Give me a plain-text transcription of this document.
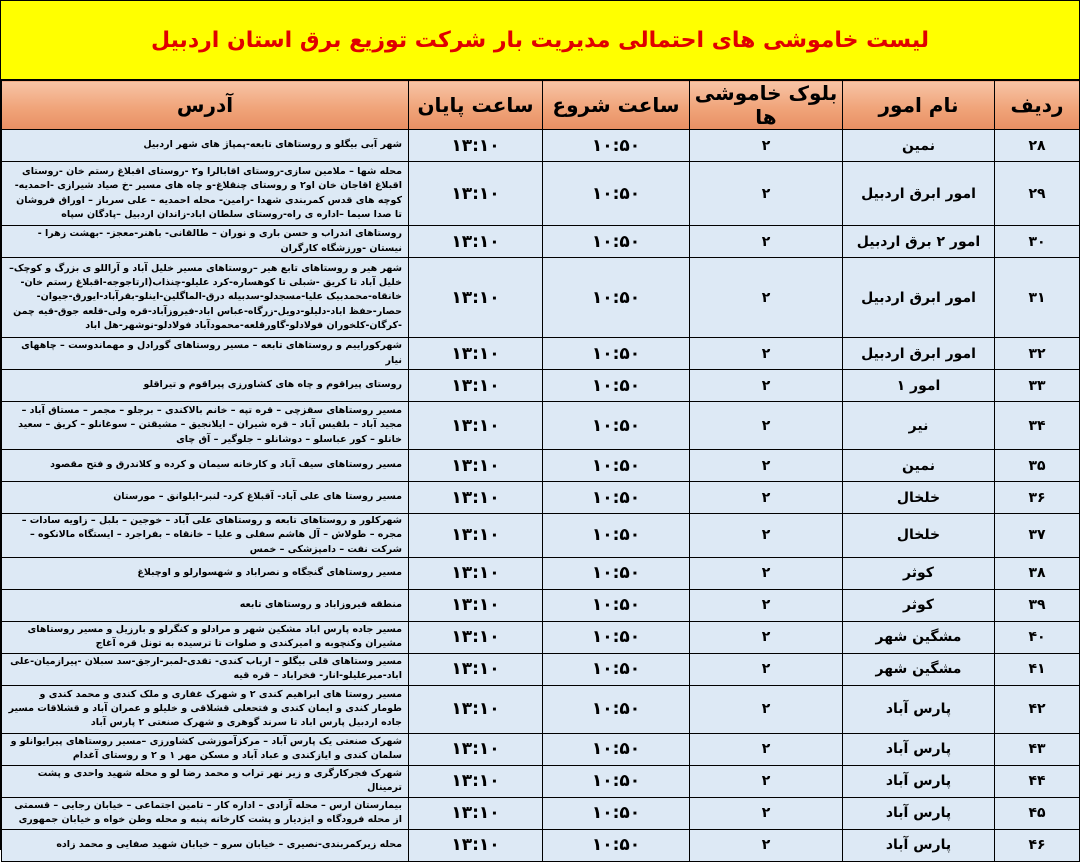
لیست خاموشی های احتمالی مدیریت بار شرکت توزیع برق استان اردبیل
ردیف	نام امور	بلوک خاموشی ها	ساعت شروع	ساعت پایان	آدرس
۲۸	نمین	۲	۱۰:۵۰	۱۳:۱۰	شهر آبی بیگلو و روستاهای تابعه-پمپاژ های شهر اردبیل
۲۹	امور ابرق اردبیل	۲	۱۰:۵۰	۱۳:۱۰	محله شها – ملامین سازی-روستای اقابالرا و۲ -روستای اقبلاغ رستم خان -روستای اقبلاغ اقاجان خان او۲ و روستای چنقلاغ-و چاه های مسیر -خ صیاد شیرازی -احمدیه-کوچه های قدس کمربندی شهدا -رامین- محله احمدیه – علی سرباز – اوراق فروشان تا صدا سیما –اداره ی راه-روستای سلطان اباد-زاندان اردبیل –پادگان سپاه
۳۰	امور ۲ برق اردبیل	۲	۱۰:۵۰	۱۳:۱۰	روستاهای اندراب و حسن باری و نوران – طالقانی- باهنر-معجز- -بهشت زهرا - نیستان -ورزشگاه کارگران
۳۱	امور ابرق اردبیل	۲	۱۰:۵۰	۱۳:۱۰	شهر هیر و روستاهای تابع هیر –روستاهای مسیر خلیل آباد و آراللو ی بزرگ و کوچک–خلیل آباد تا کریق -شبلی تا کوهساره-کرد علیلو-چنذاب(ارتاجوجه-اقبلاغ رستم خان-خانقاه-محمدبیک علیا-مسجدلو-سدبیله درق-الماگلین-اینلو-بقرآباد-ایورق-جیوان-حصار-حفظ اباد-دلیلو-دویل-زرگاه-عباس اباد-فیروزآباد-قره ولی-قلعه جوق-قیه چمن -کرگان-کلخوران فولادلو-گاورقلعه-محمودآباد فولادلو-نوشهر-هل اباد
۳۲	امور ابرق اردبیل	۲	۱۰:۵۰	۱۳:۱۰	شهرکوراییم و روستاهای تابعه – مسیر روستاهای گورادل و مهماندوست – چاههای نیار
۳۳	امور ۱	۲	۱۰:۵۰	۱۳:۱۰	روستای پیراقوم و چاه های کشاورزی پیراقوم و تیراقلو
۳۴	نیر	۲	۱۰:۵۰	۱۳:۱۰	مسیر روستاهای سقزچی – قره تپه – خانم بالاکندی – برجلو – مجمر – مستاق آباد – مجید آباد – بلقیس آباد – قره شیران – ایلانجیق – مشیقتن – سوغانلو – کریق – سعید خانلو – کور عباسلو – دوشانلو – جلوگیر – آق چای
۳۵	نمین	۲	۱۰:۵۰	۱۳:۱۰	مسیر روستاهای سیف آباد و کارخانه سیمان و کرده و کلاندرق و فتح مقصود
۳۶	خلخال	۲	۱۰:۵۰	۱۳:۱۰	مسیر روستا های علی آباد- آقبلاغ کرد- لنبر-ایلوانق – مورستان
۳۷	خلخال	۲	۱۰:۵۰	۱۳:۱۰	شهرکلور و روستاهای تابعه و روستاهای علی آباد – خوجین – بلبل – زاویه سادات – مجره – طولاش – آل هاشم سفلی و علیا – خانقاه – بفراجرد – ایستگاه مالانکوه – شرکت نفت – دامپزشکی – خمس
۳۸	کوثر	۲	۱۰:۵۰	۱۳:۱۰	مسیر روستاهای گنجگاه و نصراباد و شهسوارلو و اوچبلاغ
۳۹	کوثر	۲	۱۰:۵۰	۱۳:۱۰	منطقه فیروزاباد و روستاهای تابعه
۴۰	مشگین شهر	۲	۱۰:۵۰	۱۳:۱۰	مسیر جاده پارس اباد مشکین شهر و مرادلو و کنگرلو و بارزیل و مسیر روستاهای مشیران وکنچوبه و امیرکندی و صلوات تا ترسیده به تونل قره آغاج
۴۱	مشگین شهر	۲	۱۰:۵۰	۱۳:۱۰	مسیر وستاهای قلی بیگلو – ارباب کندی- تقدی-لمبر-ارجق-سد سبلان -پیرازمیان-علی اباد-میرعلیلو-انار- فخراباد – قره قیه
۴۲	پارس آباد	۲	۱۰:۵۰	۱۳:۱۰	مسیر روستا های ابراهیم کندی ۲ و شهرک غفاری و ملک کندی و محمد کندی و طومار کندی و ایمان کندی و فتحعلی قشلاقی و خلیلو و عمران آباد و قشلاقات مسیر جاده اردبیل پارس اباد تا سرند گوهری و شهرک صنعتی ۲ پارس آباد
۴۳	پارس آباد	۲	۱۰:۵۰	۱۳:۱۰	شهرک صنعتی یک پارس آباد – مرکزآموزشی کشاورزی –مسیر روستاهای پیرایوانلو و سلمان کندی و ایازکندی و عباد آباد و مسکن مهر ۱ و ۲ و روستای آغدام
۴۴	پارس آباد	۲	۱۰:۵۰	۱۳:۱۰	شهرک فجرکارگری و زیر نهر تراب و محمد رضا لو و محله شهید واحدی و پشت ترمینال
۴۵	پارس آباد	۲	۱۰:۵۰	۱۳:۱۰	بیمارستان ارس – محله آزادی – اداره کار – تامین اجتماعی – خیابان رجایی – قسمتی از محله فرودگاه و ایزدیار و پشت کارخانه پنبه و محله وطن خواه و خیابان جمهوری
۴۶	پارس آباد	۲	۱۰:۵۰	۱۳:۱۰	محله زیرکمربندی-نصیری – خیابان سرو – خیابان شهید صفایی و محمد زاده
